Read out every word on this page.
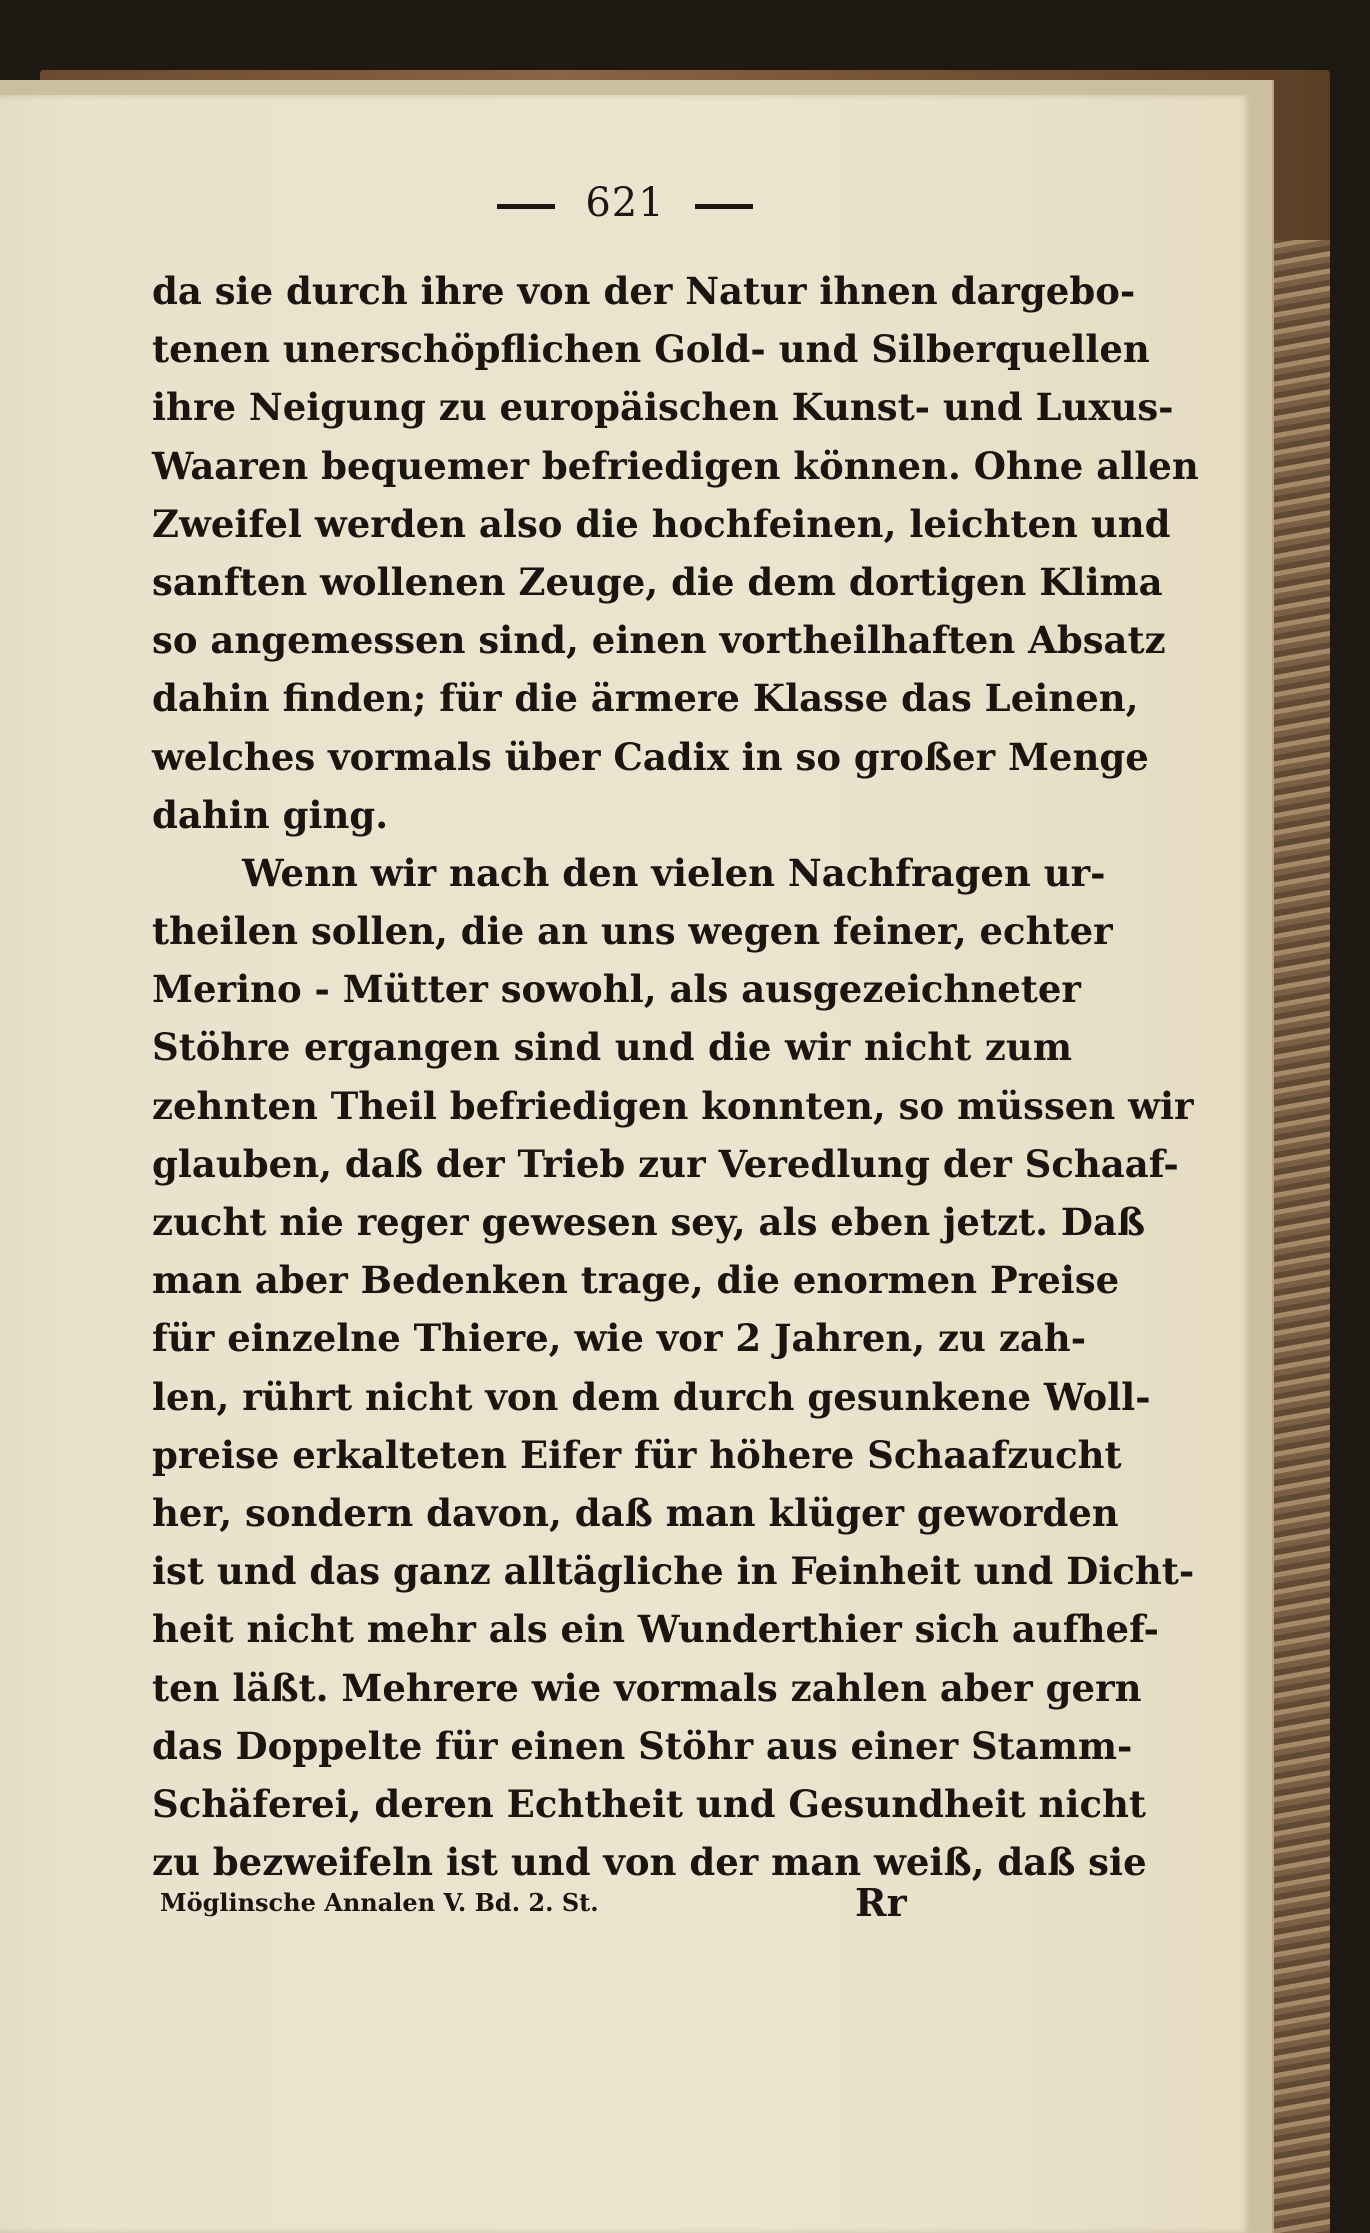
621
da sie durch ihre von der Natur ihnen dargebo-
tenen unerschöpflichen Gold- und Silberquellen
ihre Neigung zu europäischen Kunst- und Luxus-
Waaren bequemer befriedigen können. Ohne allen
Zweifel werden also die hochfeinen, leichten und
sanften wollenen Zeuge, die dem dortigen Klima
so angemessen sind, einen vortheilhaften Absatz
dahin finden; für die ärmere Klasse das Leinen,
welches vormals über Cadix in so großer Menge
dahin ging.
Wenn wir nach den vielen Nachfragen ur-
theilen sollen, die an uns wegen feiner, echter
Merino - Mütter sowohl, als ausgezeichneter
Stöhre ergangen sind und die wir nicht zum
zehnten Theil befriedigen konnten, so müssen wir
glauben, daß der Trieb zur Veredlung der Schaaf-
zucht nie reger gewesen sey, als eben jetzt. Daß
man aber Bedenken trage, die enormen Preise
für einzelne Thiere, wie vor 2 Jahren, zu zah-
len, rührt nicht von dem durch gesunkene Woll-
preise erkalteten Eifer für höhere Schaafzucht
her, sondern davon, daß man klüger geworden
ist und das ganz alltägliche in Feinheit und Dicht-
heit nicht mehr als ein Wunderthier sich aufhef-
ten läßt. Mehrere wie vormals zahlen aber gern
das Doppelte für einen Stöhr aus einer Stamm-
Schäferei, deren Echtheit und Gesundheit nicht
zu bezweifeln ist und von der man weiß, daß sie
Möglinsche Annalen V. Bd. 2. St.	Rr
